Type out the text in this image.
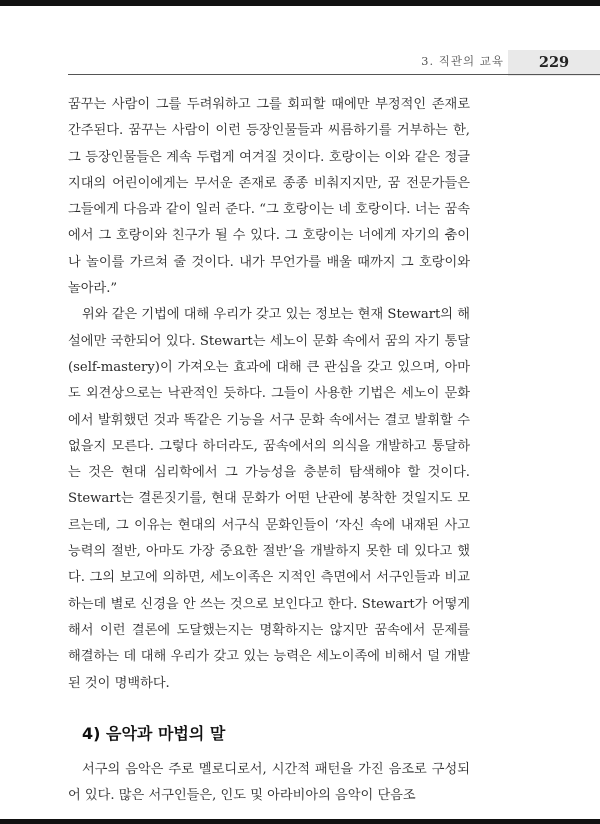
3. 직관의 교육	229

꿈꾸는 사람이 그를 두려워하고 그를 회피할 때에만 부정적인 존재로 간주된다. 꿈꾸는 사람이 이런 등장인물들과 씨름하기를 거부하는 한, 그 등장인물들은 계속 두렵게 여겨질 것이다. 호랑이는 이와 같은 정글 지대의 어린이에게는 무서운 존재로 종종 비춰지지만, 꿈 전문가들은 그들에게 다음과 같이 일러 준다. “그 호랑이는 네 호랑이다. 너는 꿈속에서 그 호랑이와 친구가 될 수 있다. 그 호랑이는 너에게 자기의 춤이나 놀이를 가르쳐 줄 것이다. 내가 무언가를 배울 때까지 그 호랑이와 놀아라.”

위와 같은 기법에 대해 우리가 갖고 있는 정보는 현재 Stewart의 해설에만 국한되어 있다. Stewart는 세노이 문화 속에서 꿈의 자기 통달(self-mastery)이 가져오는 효과에 대해 큰 관심을 갖고 있으며, 아마도 외견상으로는 낙관적인 듯하다. 그들이 사용한 기법은 세노이 문화에서 발휘했던 것과 똑같은 기능을 서구 문화 속에서는 결코 발휘할 수 없을지 모른다. 그렇다 하더라도, 꿈속에서의 의식을 개발하고 통달하는 것은 현대 심리학에서 그 가능성을 충분히 탐색해야 할 것이다. Stewart는 결론짓기를, 현대 문화가 어떤 난관에 봉착한 것일지도 모르는데, 그 이유는 현대의 서구식 문화인들이 ‘자신 속에 내재된 사고 능력의 절반, 아마도 가장 중요한 절반’을 개발하지 못한 데 있다고 했다. 그의 보고에 의하면, 세노이족은 지적인 측면에서 서구인들과 비교하는데 별로 신경을 안 쓰는 것으로 보인다고 한다. Stewart가 어떻게 해서 이런 결론에 도달했는지는 명확하지는 않지만 꿈속에서 문제를 해결하는 데 대해 우리가 갖고 있는 능력은 세노이족에 비해서 덜 개발된 것이 명백하다.

4) 음악과 마법의 말

서구의 음악은 주로 멜로디로서, 시간적 패턴을 가진 음조로 구성되어 있다. 많은 서구인들은, 인도 및 아라비아의 음악이 단음조
